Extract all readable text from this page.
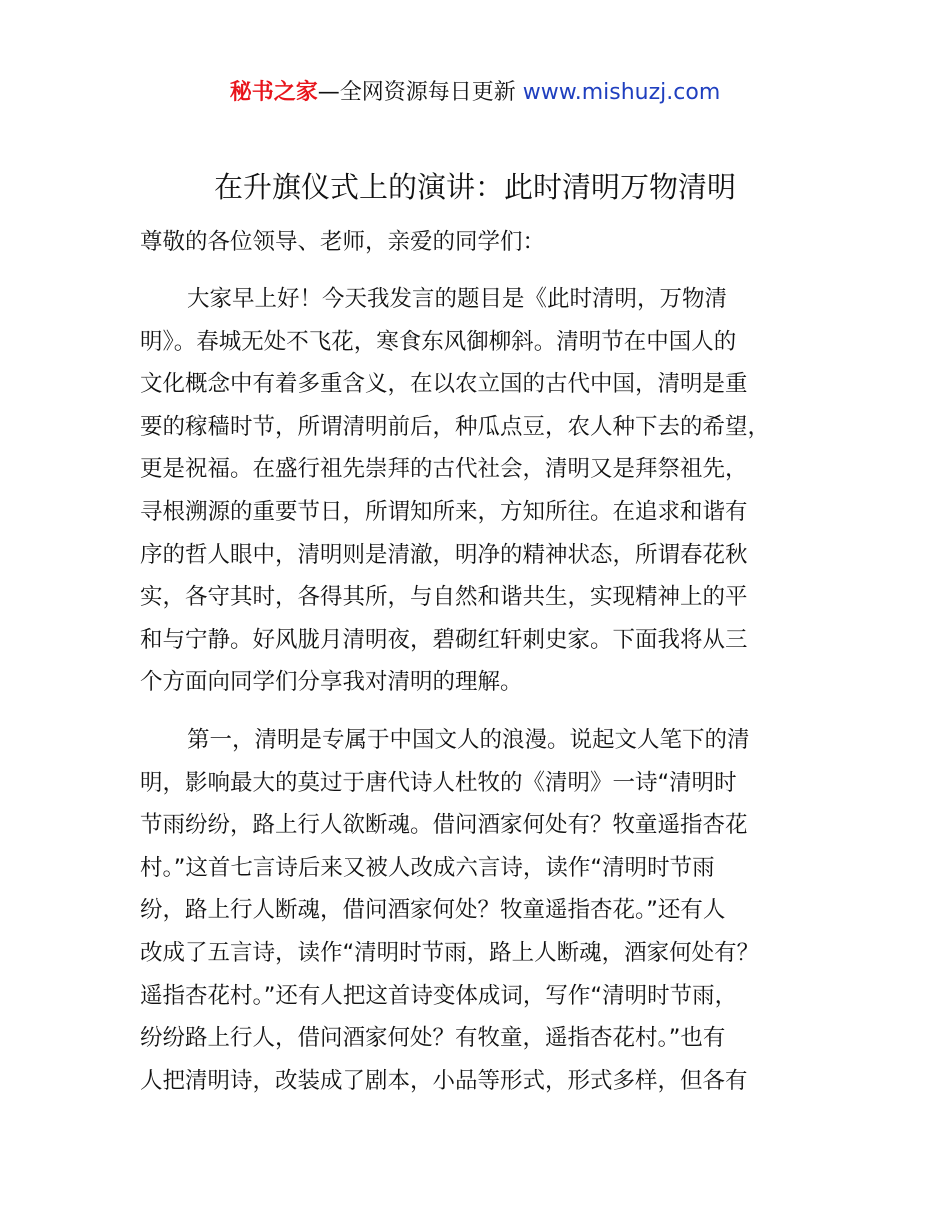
秘书之家—全网资源每日更新 www.mishuzj.com
在升旗仪式上的演讲：此时清明万物清明
尊敬的各位领导、老师，亲爱的同学们：
大家早上好！今天我发言的题目是《此时清明，万物清
明》。春城无处不飞花，寒食东风御柳斜。清明节在中国人的
文化概念中有着多重含义，在以农立国的古代中国，清明是重
要的稼穑时节，所谓清明前后，种瓜点豆，农人种下去的希望，
更是祝福。在盛行祖先崇拜的古代社会，清明又是拜祭祖先，
寻根溯源的重要节日，所谓知所来，方知所往。在追求和谐有
序的哲人眼中，清明则是清澈，明净的精神状态，所谓春花秋
实，各守其时，各得其所，与自然和谐共生，实现精神上的平
和与宁静。好风胧月清明夜，碧砌红轩刺史家。下面我将从三
个方面向同学们分享我对清明的理解。
第一，清明是专属于中国文人的浪漫。说起文人笔下的清
明，影响最大的莫过于唐代诗人杜牧的《清明》一诗“清明时
节雨纷纷，路上行人欲断魂。借问酒家何处有？牧童遥指杏花
村。”这首七言诗后来又被人改成六言诗，读作“清明时节雨
纷，路上行人断魂，借问酒家何处？牧童遥指杏花。”还有人
改成了五言诗，读作“清明时节雨，路上人断魂，酒家何处有？
遥指杏花村。”还有人把这首诗变体成词，写作“清明时节雨，
纷纷路上行人，借问酒家何处？有牧童，遥指杏花村。”也有
人把清明诗，改装成了剧本，小品等形式，形式多样，但各有
